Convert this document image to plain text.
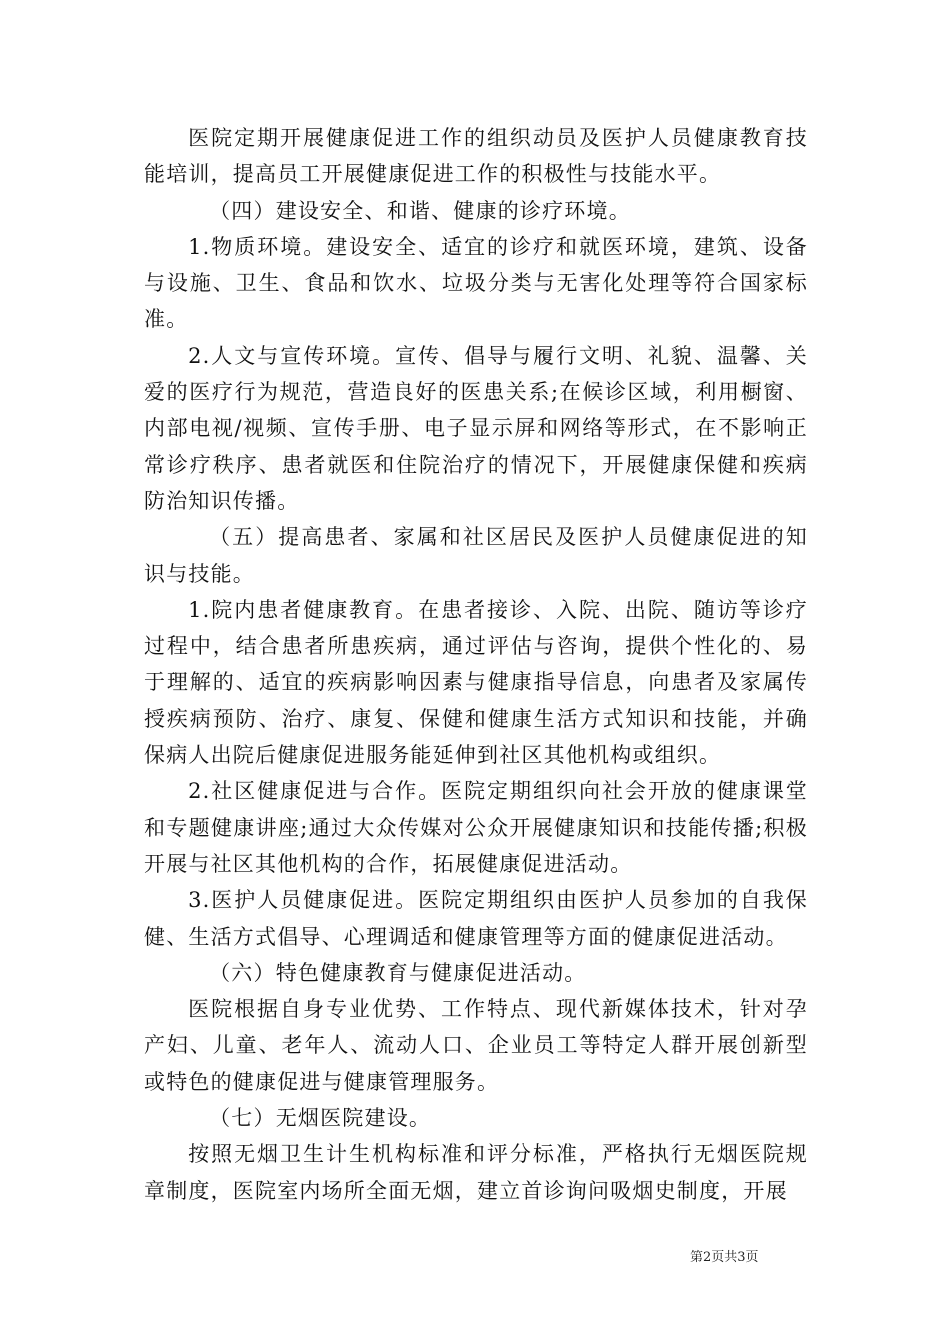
医院定期开展健康促进工作的组织动员及医护人员健康教育技能培训，提高员工开展健康促进工作的积极性与技能水平。

（四）建设安全、和谐、健康的诊疗环境。

1.物质环境。建设安全、适宜的诊疗和就医环境，建筑、设备与设施、卫生、食品和饮水、垃圾分类与无害化处理等符合国家标准。

2.人文与宣传环境。宣传、倡导与履行文明、礼貌、温馨、关爱的医疗行为规范，营造良好的医患关系;在候诊区域，利用橱窗、内部电视/视频、宣传手册、电子显示屏和网络等形式，在不影响正常诊疗秩序、患者就医和住院治疗的情况下，开展健康保健和疾病防治知识传播。

（五）提高患者、家属和社区居民及医护人员健康促进的知识与技能。

1.院内患者健康教育。在患者接诊、入院、出院、随访等诊疗过程中，结合患者所患疾病，通过评估与咨询，提供个性化的、易于理解的、适宜的疾病影响因素与健康指导信息，向患者及家属传授疾病预防、治疗、康复、保健和健康生活方式知识和技能，并确保病人出院后健康促进服务能延伸到社区其他机构或组织。

2.社区健康促进与合作。医院定期组织向社会开放的健康课堂和专题健康讲座;通过大众传媒对公众开展健康知识和技能传播;积极开展与社区其他机构的合作，拓展健康促进活动。

3.医护人员健康促进。医院定期组织由医护人员参加的自我保健、生活方式倡导、心理调适和健康管理等方面的健康促进活动。

（六）特色健康教育与健康促进活动。

医院根据自身专业优势、工作特点、现代新媒体技术，针对孕产妇、儿童、老年人、流动人口、企业员工等特定人群开展创新型或特色的健康促进与健康管理服务。

（七）无烟医院建设。

按照无烟卫生计生机构标准和评分标准，严格执行无烟医院规章制度，医院室内场所全面无烟，建立首诊询问吸烟史制度，开展

第2页共3页
